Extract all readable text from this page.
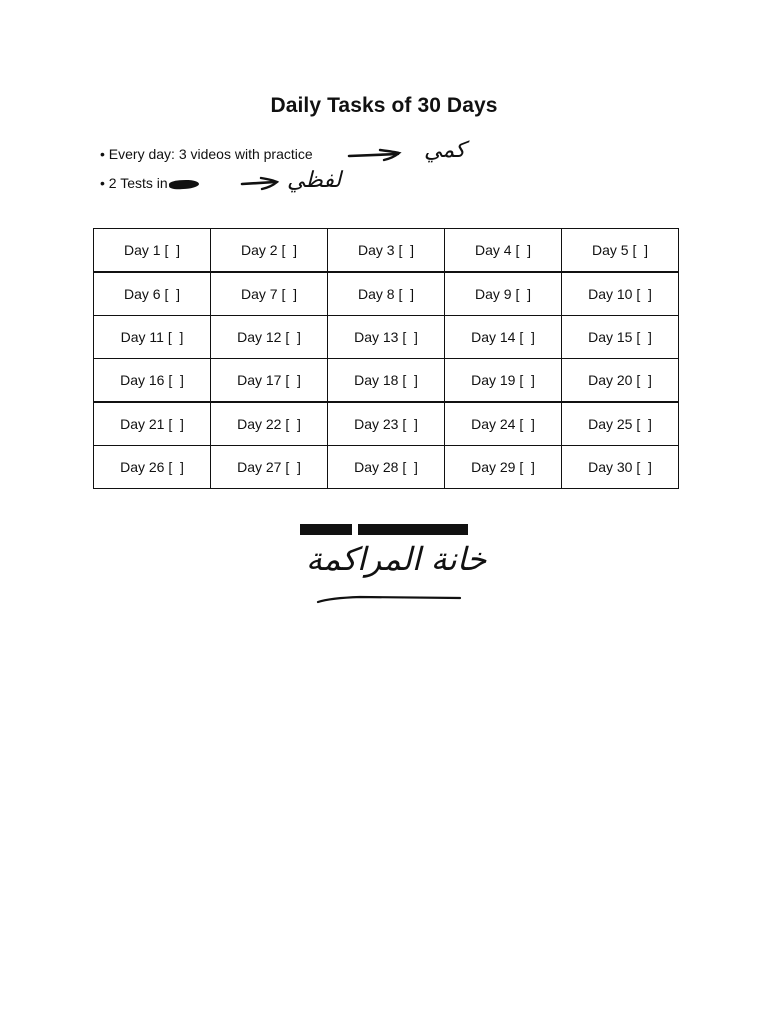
Daily Tasks of 30 Days
• Every day: 3 videos with practice
• 2 Tests in
كمي
لفظي
Day 1 [  ]	Day 2 [  ]	Day 3 [  ]	Day 4 [  ]	Day 5 [  ]
Day 6 [  ]	Day 7 [  ]	Day 8 [  ]	Day 9 [  ]	Day 10 [  ]
Day 11 [  ]	Day 12 [  ]	Day 13 [  ]	Day 14 [  ]	Day 15 [  ]
Day 16 [  ]	Day 17 [  ]	Day 18 [  ]	Day 19 [  ]	Day 20 [  ]
Day 21 [  ]	Day 22 [  ]	Day 23 [  ]	Day 24 [  ]	Day 25 [  ]
Day 26 [  ]	Day 27 [  ]	Day 28 [  ]	Day 29 [  ]	Day 30 [  ]
خانة المراكمة
